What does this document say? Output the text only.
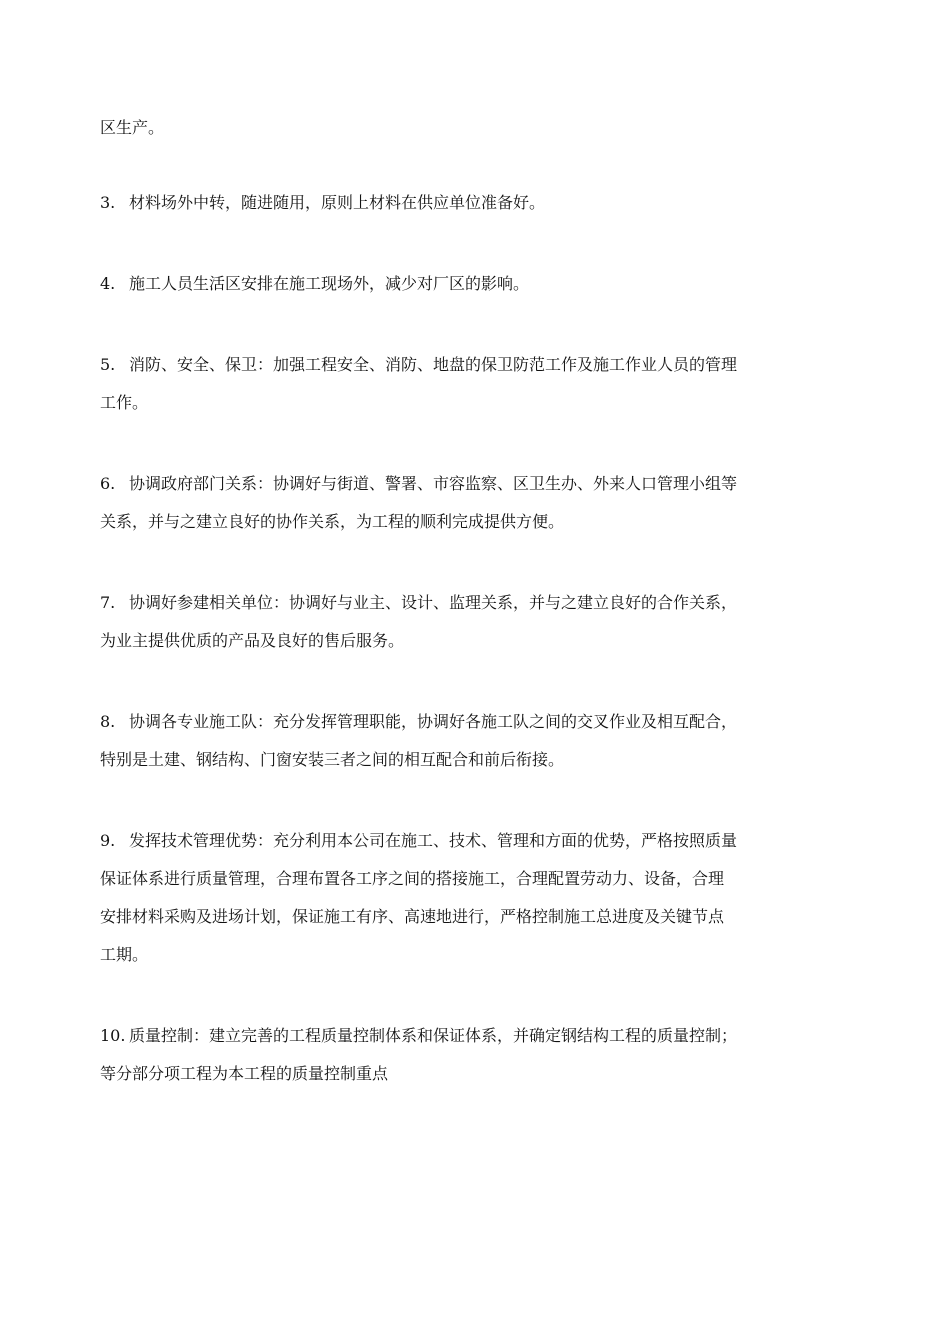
区生产。

3. 材料场外中转，随进随用，原则上材料在供应单位准备好。

4. 施工人员生活区安排在施工现场外，减少对厂区的影响。

5. 消防、安全、保卫：加强工程安全、消防、地盘的保卫防范工作及施工作业人员的管理
工作。

6. 协调政府部门关系：协调好与街道、警署、市容监察、区卫生办、外来人口管理小组等
关系，并与之建立良好的协作关系，为工程的顺利完成提供方便。

7. 协调好参建相关单位：协调好与业主、设计、监理关系，并与之建立良好的合作关系，
为业主提供优质的产品及良好的售后服务。

8. 协调各专业施工队：充分发挥管理职能，协调好各施工队之间的交叉作业及相互配合，
特别是土建、钢结构、门窗安装三者之间的相互配合和前后衔接。

9. 发挥技术管理优势：充分利用本公司在施工、技术、管理和方面的优势，严格按照质量
保证体系进行质量管理，合理布置各工序之间的搭接施工，合理配置劳动力、设备，合理
安排材料采购及进场计划，保证施工有序、高速地进行，严格控制施工总进度及关键节点
工期。

10. 质量控制：建立完善的工程质量控制体系和保证体系，并确定钢结构工程的质量控制；
等分部分项工程为本工程的质量控制重点
